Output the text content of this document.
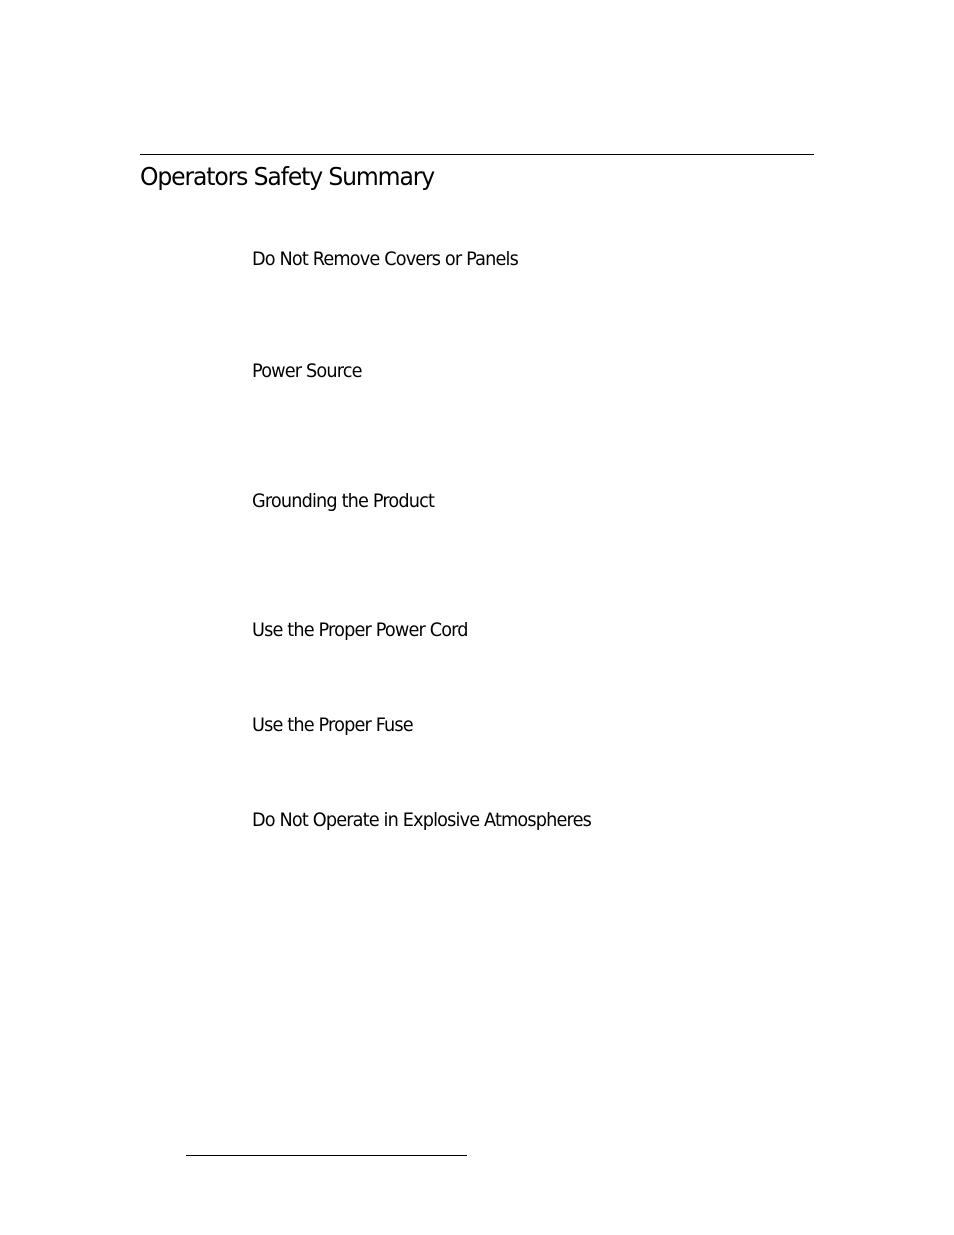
Operators Safety Summary
Do Not Remove Covers or Panels
Power Source
Grounding the Product
Use the Proper Power Cord
Use the Proper Fuse
Do Not Operate in Explosive Atmospheres
